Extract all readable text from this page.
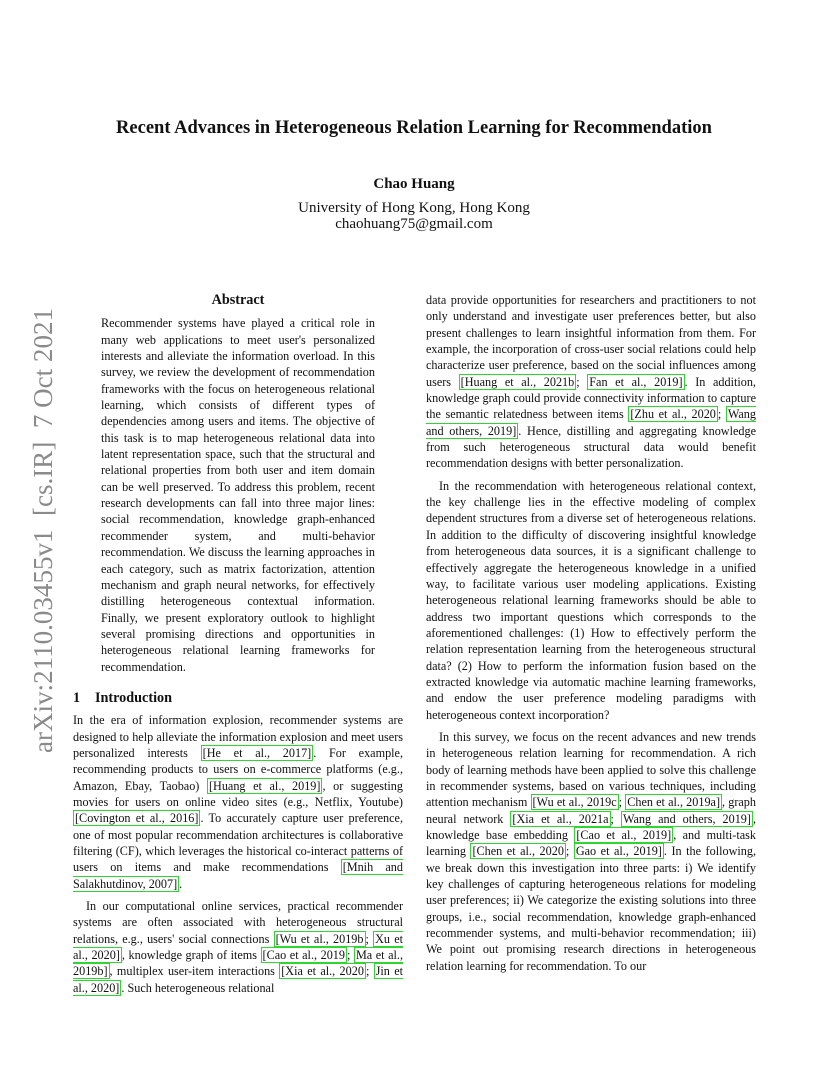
Recent Advances in Heterogeneous Relation Learning for Recommendation
Chao Huang
University of Hong Kong, Hong Kong
chaohuang75@gmail.com
arXiv:2110.03455v1  [cs.IR]  7 Oct 2021
Abstract
Recommender systems have played a critical role in many web applications to meet user's personalized interests and alleviate the information overload. In this survey, we review the development of recommendation frameworks with the focus on heterogeneous relational learning, which consists of different types of dependencies among users and items. The objective of this task is to map heterogeneous relational data into latent representation space, such that the structural and relational properties from both user and item domain can be well preserved. To address this problem, recent research developments can fall into three major lines: social recommendation, knowledge graph-enhanced recommender system, and multi-behavior recommendation. We discuss the learning approaches in each category, such as matrix factorization, attention mechanism and graph neural networks, for effectively distilling heterogeneous contextual information. Finally, we present exploratory outlook to highlight several promising directions and opportunities in heterogeneous relational learning frameworks for recommendation.
1 Introduction

In the era of information explosion, recommender systems are designed to help alleviate the information explosion and meet users personalized interests [He et al., 2017] . For example, recommending products to users on e-commerce platforms (e.g., Amazon, Ebay, Taobao) [Huang et al., 2019] , or suggesting movies for users on online video sites (e.g., Netflix, Youtube) [Covington et al., 2016] . To accurately capture user preference, one of most popular recommendation architectures is collaborative filtering (CF), which leverages the historical co-interact patterns of users on items and make recommendations [Mnih and Salakhutdinov, 2007] .

In our computational online services, practical recommender systems are often associated with heterogeneous structural relations, e.g., users' social connections [Wu et al., 2019b ; Xu et al., 2020] , knowledge graph of items [Cao et al., 2019 ; Ma et al., 2019b] , multiplex user-item interactions [Xia et al., 2020 ; Jin et al., 2020] . Such heterogeneous relational

data provide opportunities for researchers and practitioners to not only understand and investigate user preferences better, but also present challenges to learn insightful information from them. For example, the incorporation of cross-user social relations could help characterize user preference, based on the social influences among users [Huang et al., 2021b ; Fan et al., 2019] . In addition, knowledge graph could provide connectivity information to capture the semantic relatedness between items [Zhu et al., 2020 ; Wang and others, 2019] . Hence, distilling and aggregating knowledge from such heterogeneous structural data would benefit recommendation designs with better personalization.

In the recommendation with heterogeneous relational context, the key challenge lies in the effective modeling of complex dependent structures from a diverse set of heterogeneous relations. In addition to the difficulty of discovering insightful knowledge from heterogeneous data sources, it is a significant challenge to effectively aggregate the heterogeneous knowledge in a unified way, to facilitate various user modeling applications. Existing heterogeneous relational learning frameworks should be able to address two important questions which corresponds to the aforementioned challenges: (1) How to effectively perform the relation representation learning from the heterogeneous structural data? (2) How to perform the information fusion based on the extracted knowledge via automatic machine learning frameworks, and endow the user preference modeling paradigms with heterogeneous context incorporation?

In this survey, we focus on the recent advances and new trends in heterogeneous relation learning for recommendation. A rich body of learning methods have been applied to solve this challenge in recommender systems, based on various techniques, including attention mechanism [Wu et al., 2019c ; Chen et al., 2019a] , graph neural network [Xia et al., 2021a ; Wang and others, 2019] , knowledge base embedding [Cao et al., 2019] , and multi-task learning [Chen et al., 2020 ; Gao et al., 2019] . In the following, we break down this investigation into three parts: i) We identify key challenges of capturing heterogeneous relations for modeling user preferences; ii) We categorize the existing solutions into three groups, i.e., social recommendation, knowledge graph-enhanced recommender systems, and multi-behavior recommendation; iii) We point out promising research directions in heterogeneous relation learning for recommendation. To our
